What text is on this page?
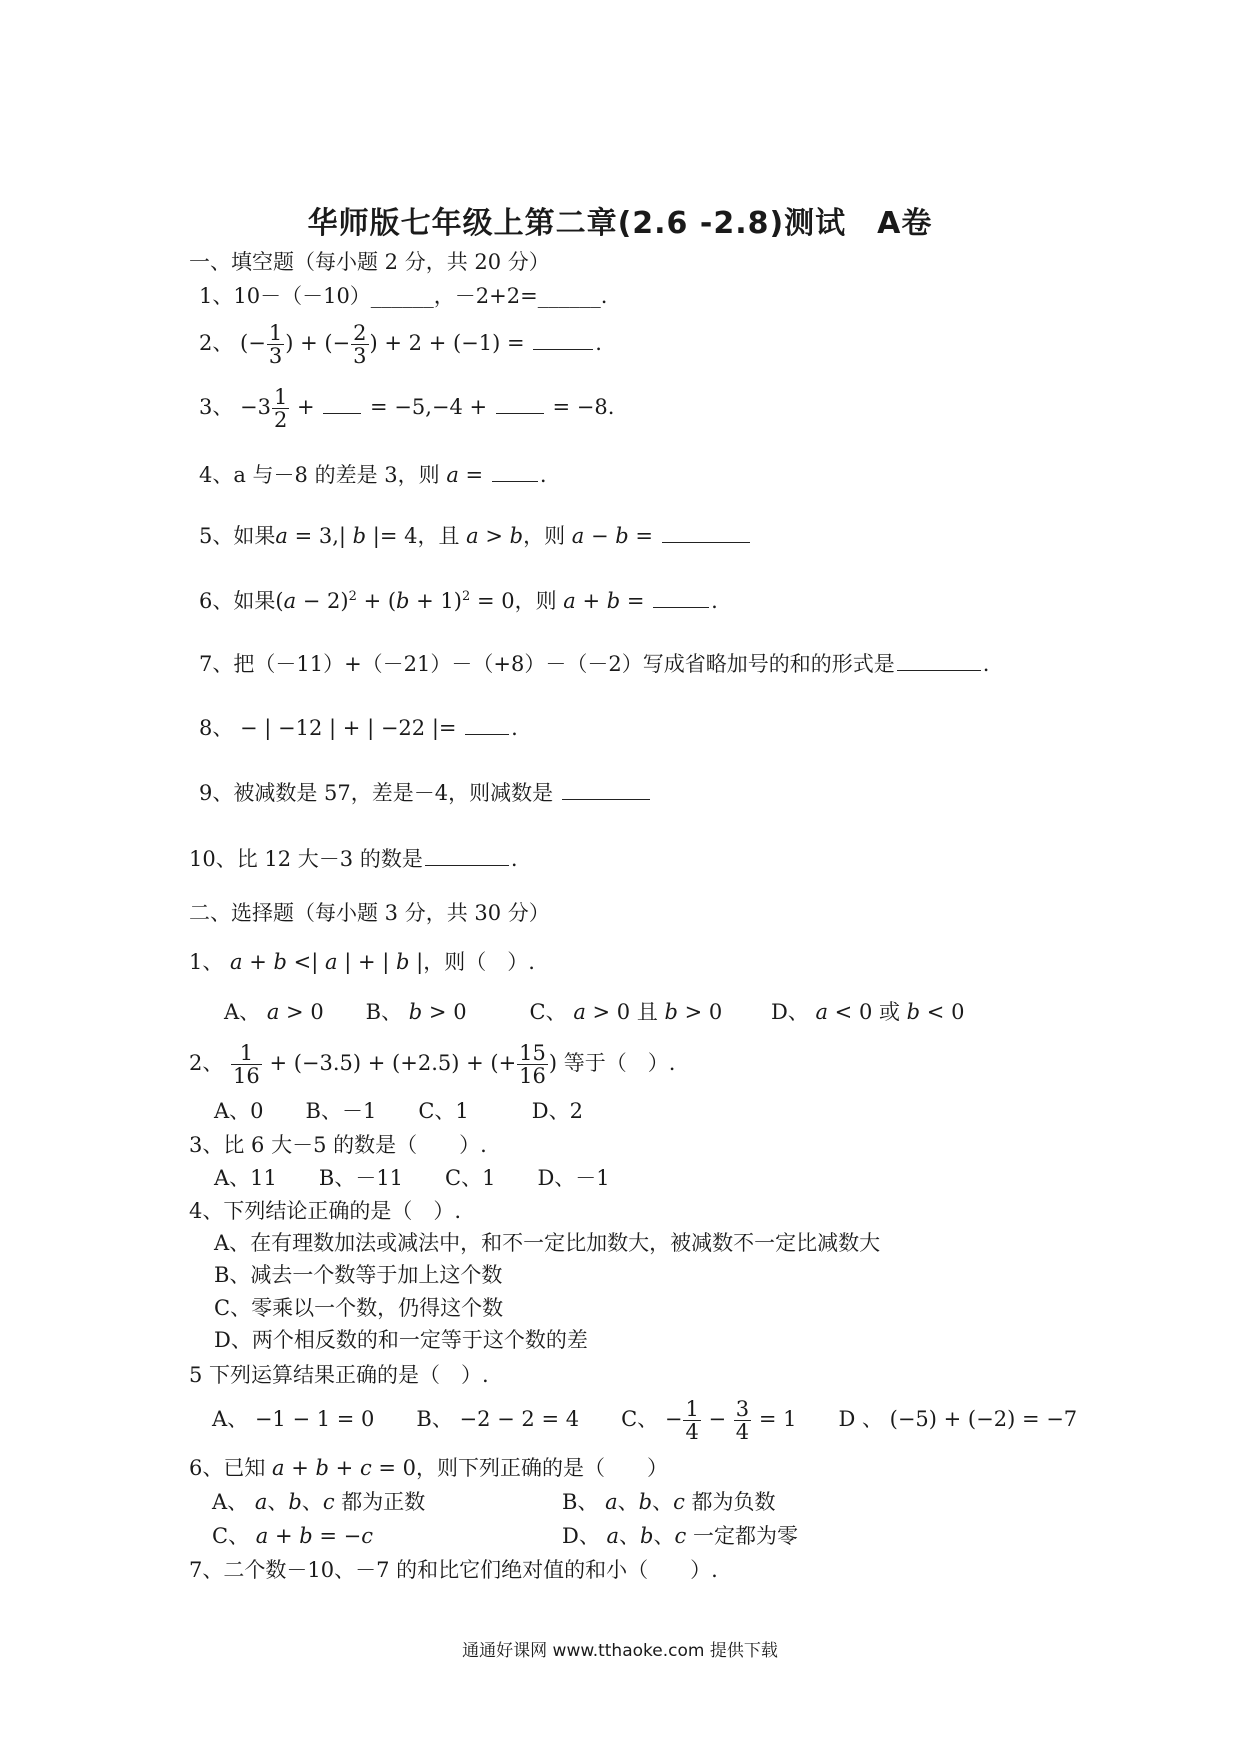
华师版七年级上第二章(2.6 -2.8)测试　A卷
一、填空题（每小题 2 分，共 20 分）
1、10－（－10）______，－2+2=______.
2、 (− $\frac{1}{3}$ ) + (− $\frac{2}{3}$ ) + 2 + (−1) =	.
3、 $-3 \frac{1}{2}$ +  = −5,−4 +  = −8.
4、a 与－8 的差是 3，则 a = .
5、如果a = 3,| b |= 4，且 a > b，则 a − b =
6、如果$(a - 2)^2 + (b + 1)^2 = 0$，则 a + b =	.
7、把（－11）+（－21）－（+8）－（－2）写成省略加号的和的形式是	.
8、 − | −12 | + | −22 |= .
9、被减数是 57，差是－4，则减数是
10、比 12 大－3 的数是	.
二、选择题（每小题 3 分，共 30 分）
1、 a + b <| a | + | b |，则（　）.
A、 a > 0　　B、 b > 0　　　C、 a > 0 且 b > 0　　 D、 a < 0 或 b < 0
2、 $\frac{1}{16} + (-3.5) + (+2.5)$ + (+ $\frac{15}{16}$ ) 等于（　）.
A、0　　B、－1　　C、1　　　D、2
3、比 6 大－5 的数是（　　）.
A、11　　B、－11　　C、1　　D、－1
4、下列结论正确的是（　）.
A、在有理数加法或减法中，和不一定比加数大，被减数不一定比减数大
B、减去一个数等于加上这个数
C、零乘以一个数，仍得这个数
D、两个相反数的和一定等于这个数的差
5 下列运算结果正确的是（　）.
A、 −1 − 1 = 0　　B、 −2 − 2 = 4　　C、 − $\frac{1}{4} - \frac{3}{4} = 1$　　D 、 (−5) + (−2) = −7
6、已知 a + b + c = 0，则下列正确的是（　　）
A、 a、b、c 都为正数	B、 a、b、c 都为负数
C、 a + b = −c	D、 a、b、c 一定都为零
7、二个数－10、－7 的和比它们绝对值的和小（　　）.
通通好课网 www.tthaoke.com 提供下载
